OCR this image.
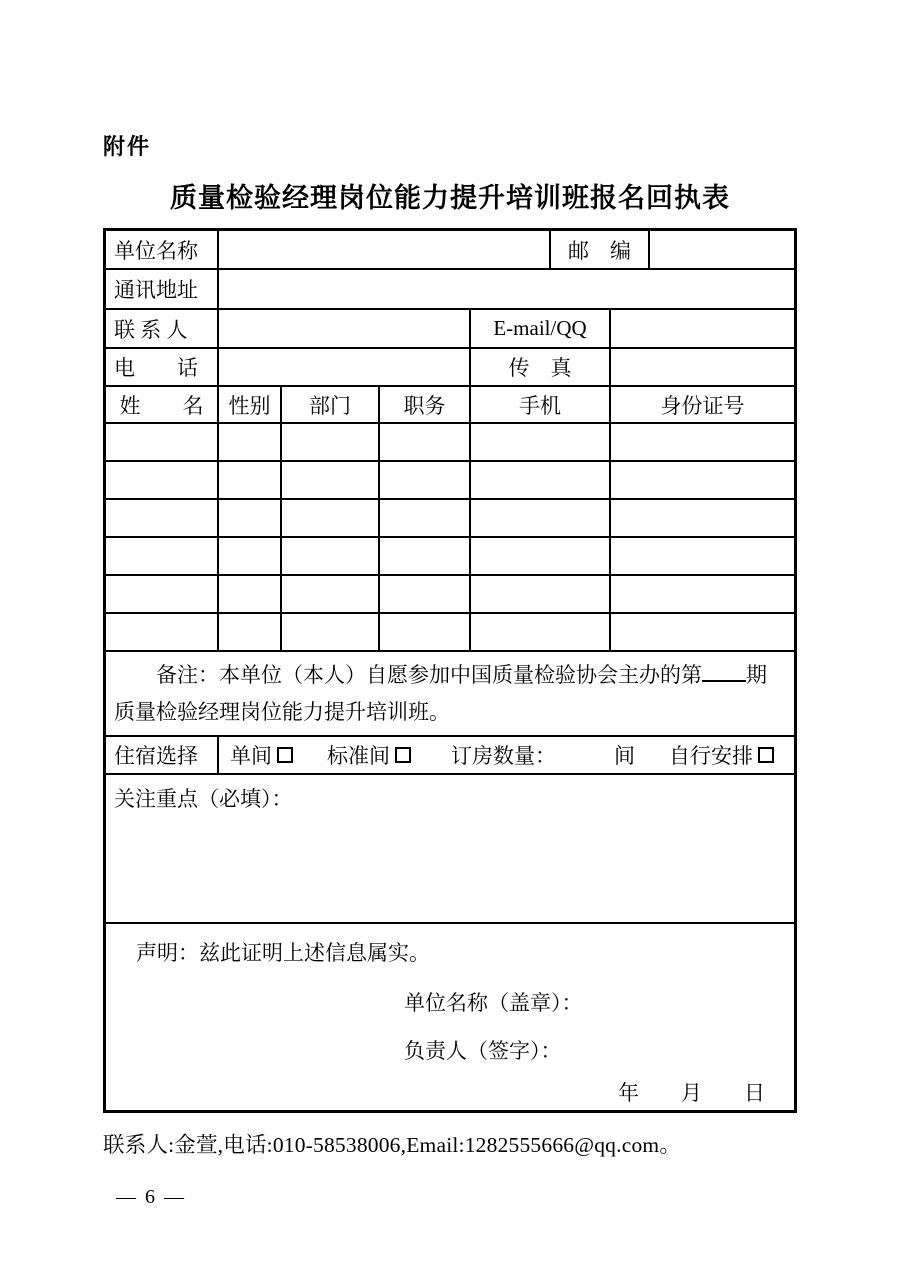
附件
质量检验经理岗位能力提升培训班报名回执表
单位名称	邮　编
通讯地址
联 系 人	E-mail/QQ
电　　话	传　真
姓　　名	性别	部门	职务	手机	身份证号
备注：本单位（本人）自愿参加中国质量检验协会主办的第 期
质量检验经理岗位能力提升培训班。
住宿选择	单间	标准间	订房数量：	间 自行安排
关注重点（必填）：
声明：兹此证明上述信息属实。
单位名称（盖章）：
负责人（签字）：
年　　月　　日
联系人:金萱,电话:010-58538006,Email:1282555666@qq.com。
— 6 —
